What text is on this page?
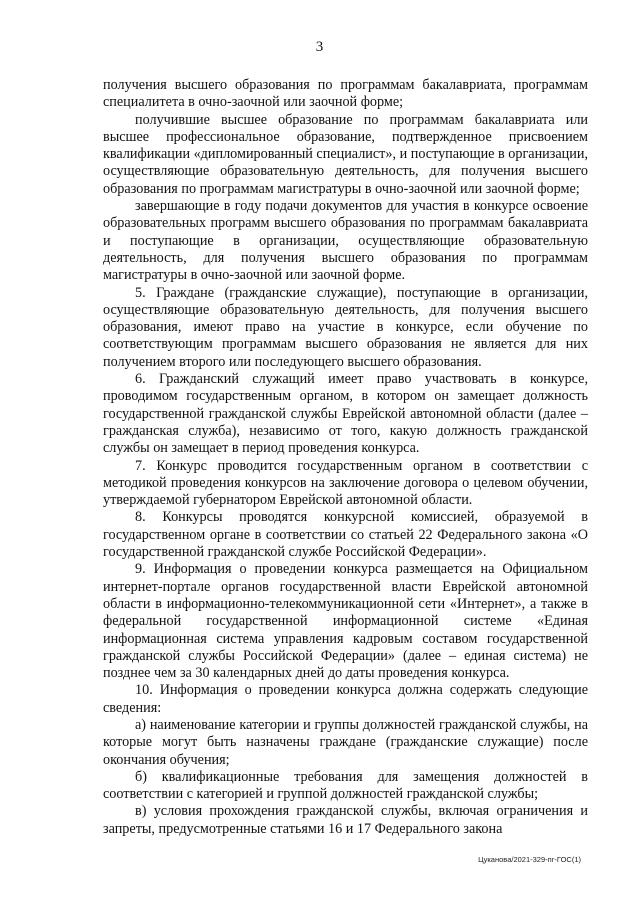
3

получения высшего образования по программам бакалавриата, программам специалитета в очно-заочной или заочной форме;

получившие высшее образование по программам бакалавриата или высшее профессиональное образование, подтвержденное присвоением квалификации «дипломированный специалист», и поступающие в организации, осуществляющие образовательную деятельность, для получения высшего образования по программам магистратуры в очно-заочной или заочной форме;

завершающие в году подачи документов для участия в конкурсе освоение образовательных программ высшего образования по программам бакалавриата и поступающие в организации, осуществляющие образовательную деятельность, для получения высшего образования по программам магистратуры в очно-заочной или заочной форме.

5. Граждане (гражданские служащие), поступающие в организации, осуществляющие образовательную деятельность, для получения высшего образования, имеют право на участие в конкурсе, если обучение по соответствующим программам высшего образования не является для них получением второго или последующего высшего образования.

6. Гражданский служащий имеет право участвовать в конкурсе, проводимом государственным органом, в котором он замещает должность государственной гражданской службы Еврейской автономной области (далее – гражданская служба), независимо от того, какую должность гражданской службы он замещает в период проведения конкурса.

7. Конкурс проводится государственным органом в соответствии с методикой проведения конкурсов на заключение договора о целевом обучении, утверждаемой губернатором Еврейской автономной области.

8. Конкурсы проводятся конкурсной комиссией, образуемой в государственном органе в соответствии со статьей 22 Федерального закона «О государственной гражданской службе Российской Федерации».

9. Информация о проведении конкурса размещается на Официальном интернет-портале органов государственной власти Еврейской автономной области в информационно-телекоммуникационной сети «Интернет», а также в федеральной государственной информационной системе «Единая информационная система управления кадровым составом государственной гражданской службы Российской Федерации» (далее – единая система) не позднее чем за 30 календарных дней до даты проведения конкурса.

10. Информация о проведении конкурса должна содержать следующие сведения:

а) наименование категории и группы должностей гражданской службы, на которые могут быть назначены граждане (гражданские служащие) после окончания обучения;

б) квалификационные требования для замещения должностей в соответствии с категорией и группой должностей гражданской службы;

в) условия прохождения гражданской службы, включая ограничения и запреты, предусмотренные статьями 16 и 17 Федерального закона

Цуканова/2021-329-пг-ГОС(1)
